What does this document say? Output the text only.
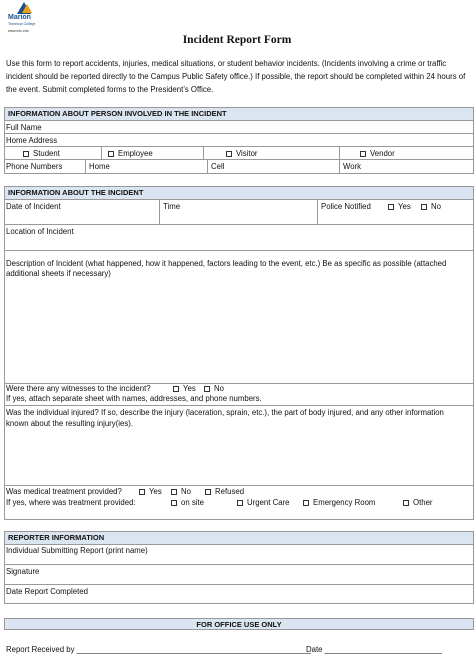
Marion
Technical College
www.mtc.edu
Incident Report Form
Use this form to report accidents, injuries, medical situations, or student behavior incidents. (Incidents involving a crime or traffic incident should be reported directly to the Campus Public Safety office.) If possible, the report should be completed within 24 hours of the event. Submit completed forms to the President’s Office.
INFORMATION ABOUT PERSON INVOLVED IN THE INCIDENT
Full Name
Home Address
Student	Employee	Visitor	Vendor
Phone Numbers	Home	Cell	Work
INFORMATION ABOUT THE INCIDENT
Date of Incident	Time	Police Notified	Yes	No
Location of Incident
Description of Incident (what happened, how it happened, factors leading to the event, etc.) Be as specific as possible (attached additional sheets if necessary)
Were there any witnesses to the incident?	Yes	No
If yes, attach separate sheet with names, addresses, and phone numbers.
Was the individual injured? If so, describe the injury (laceration, sprain, etc.), the part of body injured, and any other information known about the resulting injury(ies).
Was medical treatment provided?	Yes	No	Refused
If yes, where was treatment provided:	on site	Urgent Care	Emergency Room	Other
REPORTER INFORMATION
Individual Submitting Report (print name)
Signature
Date Report Completed
FOR OFFICE USE ONLY
Report Received by ______________________________________________________
Date ___________________________
